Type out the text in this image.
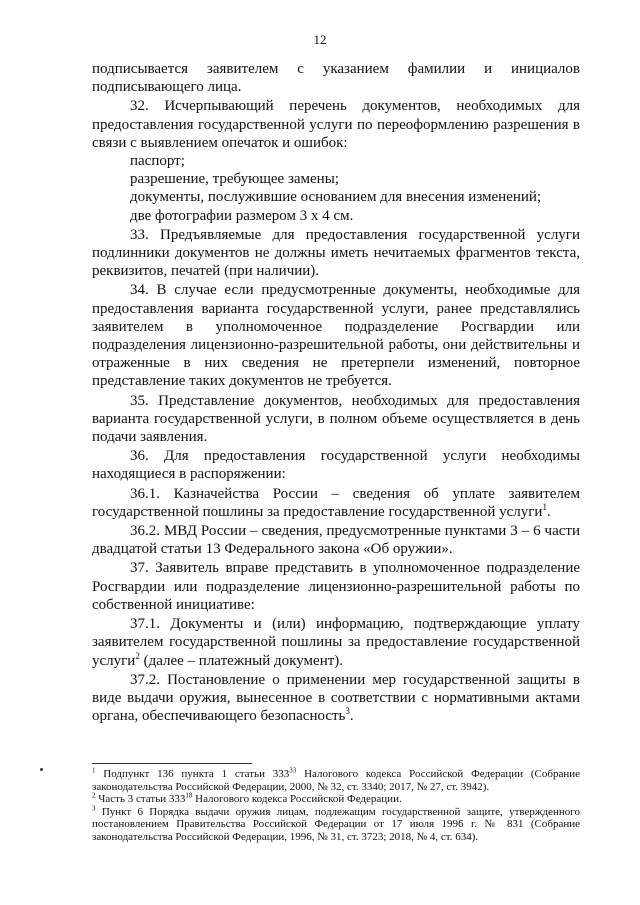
12

подписывается заявителем с указанием фамилии и инициалов подписывающего лица.

32. Исчерпывающий перечень документов, необходимых для предоставления государственной услуги по переоформлению разрешения в связи с выявлением опечаток и ошибок:

паспорт;

разрешение, требующее замены;

документы, послужившие основанием для внесения изменений;

две фотографии размером 3 х 4 см.

33. Предъявляемые для предоставления государственной услуги подлинники документов не должны иметь нечитаемых фрагментов текста, реквизитов, печатей (при наличии).

34. В случае если предусмотренные документы, необходимые для предоставления варианта государственной услуги, ранее представлялись заявителем в уполномоченное подразделение Росгвардии или подразделения лицензионно-разрешительной работы, они действительны и отраженные в них сведения не претерпели изменений, повторное представление таких документов не требуется.

35. Представление документов, необходимых для предоставления варианта государственной услуги, в полном объеме осуществляется в день подачи заявления.

36. Для предоставления государственной услуги необходимы находящиеся в распоряжении:

36.1. Казначейства России – сведения об уплате заявителем государственной пошлины за предоставление государственной услуги$^1$.

36.2. МВД России – сведения, предусмотренные пунктами 3 – 6 части двадцатой статьи 13 Федерального закона «Об оружии».

37. Заявитель вправе представить в уполномоченное подразделение Росгвардии или подразделение лицензионно-разрешительной работы по собственной инициативе:

37.1. Документы и (или) информацию, подтверждающие уплату заявителем государственной пошлины за предоставление государственной услуги$^2$ (далее – платежный документ).

37.2. Постановление о применении мер государственной защиты в виде выдачи оружия, вынесенное в соответствии с нормативными актами органа, обеспечивающего безопасность$^3$.

$^1$ Подпункт 136 пункта 1 статьи $333^{33}$ Налогового кодекса Российской Федерации (Собрание законодательства Российской Федерации, 2000, № 32, ст. 3340; 2017, № 27, ст. 3942).

$^2$ Часть 3 статьи $333^{18}$ Налогового кодекса Российской Федерации.

$^3$ Пункт 6 Порядка выдачи оружия лицам, подлежащим государственной защите, утвержденного постановлением Правительства Российской Федерации от 17 июля 1996 г. № 831 (Собрание законодательства Российской Федерации, 1996, № 31, ст. 3723; 2018, № 4, ст. 634).
